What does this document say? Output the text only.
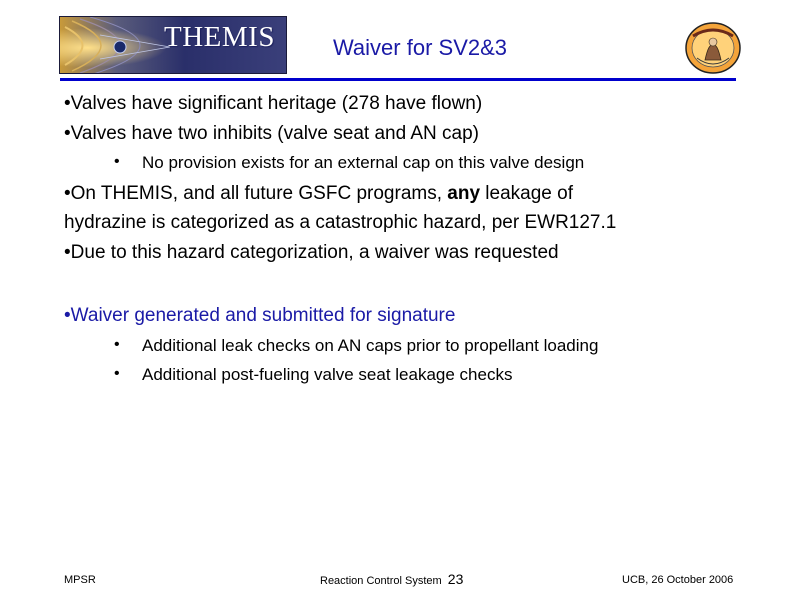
THEMIS	Waiver for SV2&3
•Valves have significant heritage (278 have flown)
•Valves have two inhibits (valve seat and AN cap)
• No provision exists for an external cap on this valve design
•On THEMIS, and all future GSFC programs, any leakage of
hydrazine is categorized as a catastrophic hazard, per EWR127.1
•Due to this hazard categorization, a waiver was requested
•Waiver generated and submitted for signature
• Additional leak checks on AN caps prior to propellant loading
• Additional post-fueling valve seat leakage checks
MPSR	Reaction Control System 23	UCB, 26 October 2006
